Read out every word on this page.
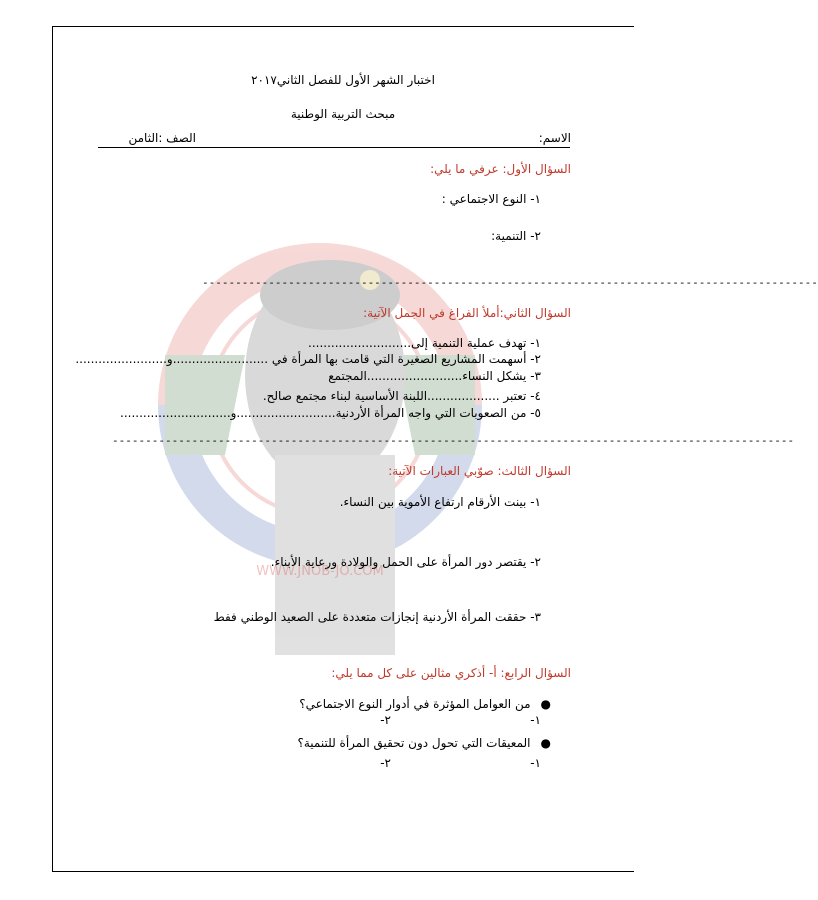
WWW.JNOB-JO.COM
اختبار الشهر الأول للفصل الثاني٢٠١٧
مبحث التربية الوطنية
الاسم:
الصف :الثامن
السؤال الأول: عرفي ما يلي:
١- النوع الاجتماعي :
٢- التنمية:
---------------------------------------------------------------------------------------------
السؤال الثاني:أملأ الفراغ في الجمل الآتية:
١- تهدف عملية التنمية إلى...........................
٢- أسهمت المشاريع الصغيرة التي قامت بها المرأة في .........................و........................
٣- يشكل النساء.........................المجتمع
٤- تعتبر ...................اللبنة الأساسية لبناء مجتمع صالح.
٥- من الصعوبات التي واجه المرأة الأردنية..........................و.............................
-------------------------------------------------------------------------------------------------------
السؤال الثالث: صوّبي العبارات الآتية:
١- بينت الأرقام ارتفاع الأموية بين النساء.
٢- يقتصر دور المرأة على الحمل والولادة ورعاية الأبناء.
٣- حققت المرأة الأردنية إنجازات متعددة على الصعيد الوطني ففط
السؤال الرابع: أ- أذكري مثالين على كل مما يلي:
●من العوامل المؤثرة في أدوار النوع الاجتماعي؟
١-
٢-
●المعيقات التي تحول دون تحقيق المرأة للتنمية؟
١-
٢-
